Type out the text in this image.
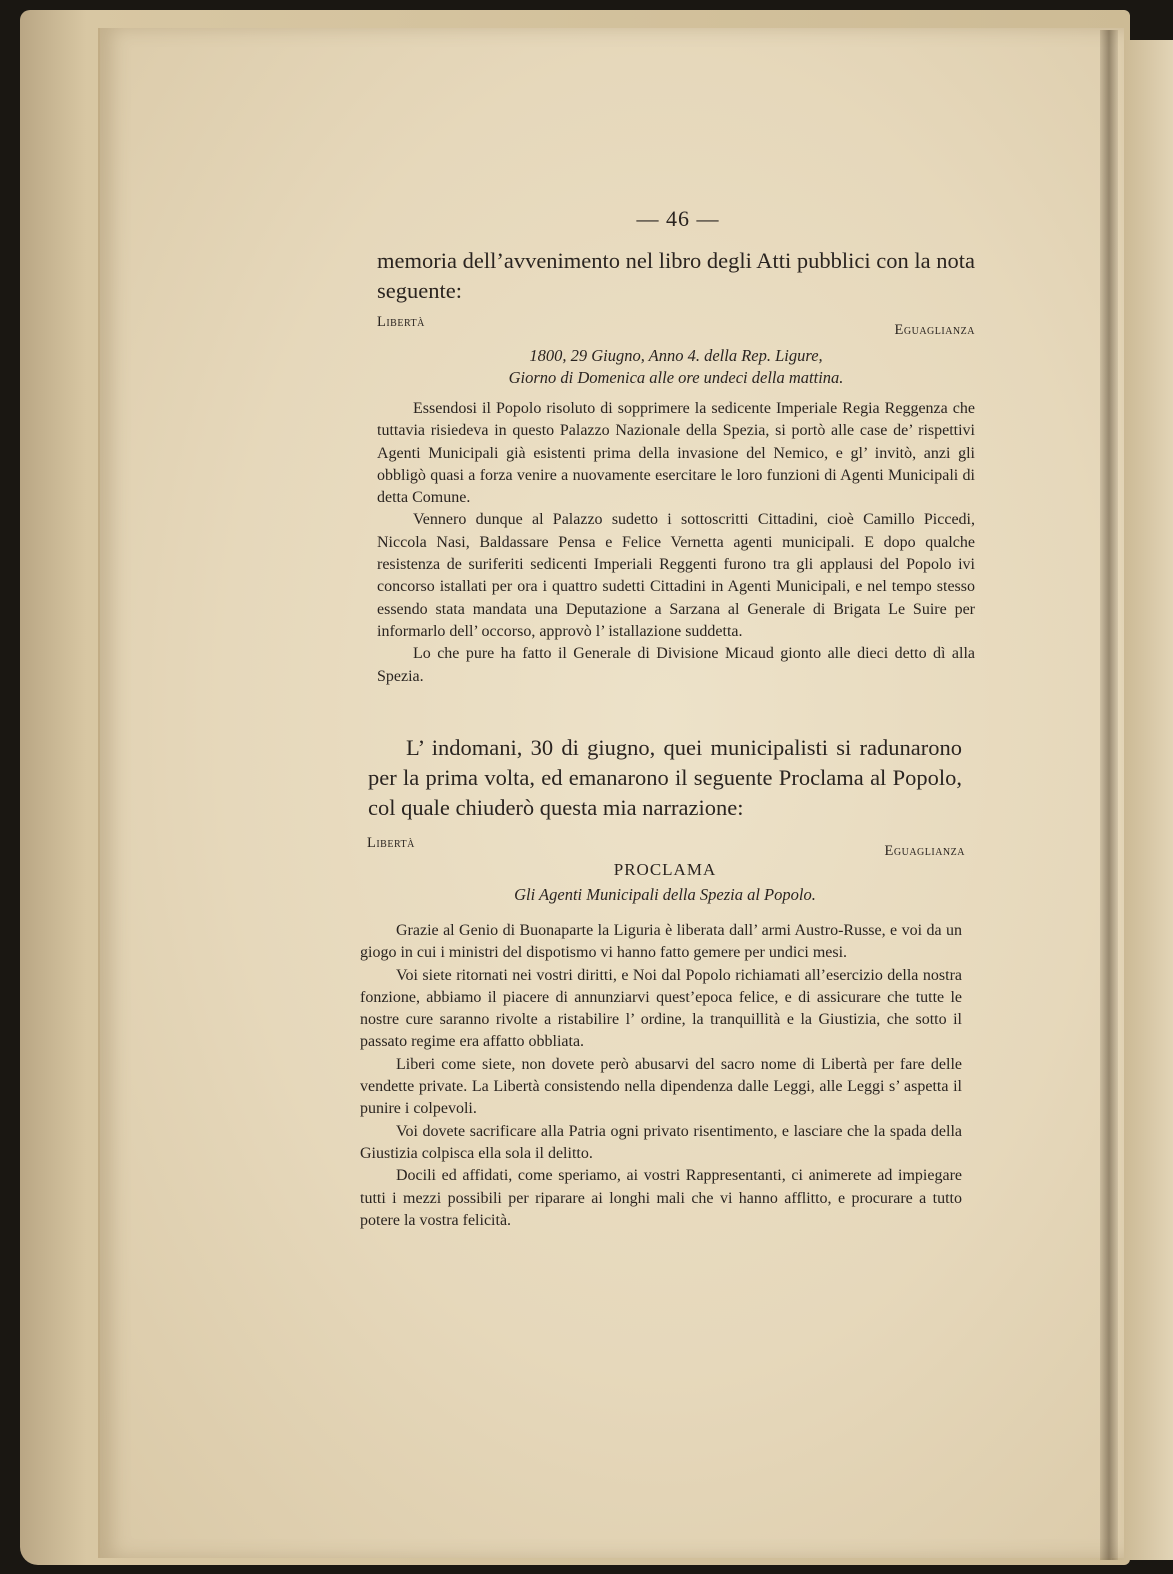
— 46 —
memoria dell’avvenimento nel libro degli Atti pubblici con la nota seguente:
Libertà	Eguaglianza
1800, 29 Giugno, Anno 4. della Rep. Ligure,
Giorno di Domenica alle ore undeci della mattina.

Essendosi il Popolo risoluto di sopprimere la sedicente Imperiale Regia Reggenza che tuttavia risiedeva in questo Palazzo Nazionale della Spezia, si portò alle case de’ rispettivi Agenti Municipali già esistenti prima della invasione del Nemico, e gl’ invitò, anzi gli obbligò quasi a forza venire a nuovamente esercitare le loro funzioni di Agenti Municipali di detta Comune.

Vennero dunque al Palazzo sudetto i sottoscritti Cittadini, cioè Camillo Piccedi, Niccola Nasi, Baldassare Pensa e Felice Vernetta agenti municipali. E dopo qualche resistenza de suriferiti sedicenti Imperiali Reggenti furono tra gli applausi del Popolo ivi concorso istallati per ora i quattro sudetti Cittadini in Agenti Municipali, e nel tempo stesso essendo stata mandata una Deputazione a Sarzana al Generale di Brigata Le Suire per informarlo dell’ occorso, approvò l’ istallazione suddetta.

Lo che pure ha fatto il Generale di Divisione Micaud gionto alle dieci detto dì alla Spezia.

L’ indomani, 30 di giugno, quei municipalisti si radunarono per la prima volta, ed emanarono il seguente Proclama al Popolo, col quale chiuderò questa mia narrazione:
Libertà	Eguaglianza
PROCLAMA
Gli Agenti Municipali della Spezia al Popolo.

Grazie al Genio di Buonaparte la Liguria è liberata dall’ armi Austro-Russe, e voi da un giogo in cui i ministri del dispotismo vi hanno fatto gemere per undici mesi.

Voi siete ritornati nei vostri diritti, e Noi dal Popolo richiamati all’esercizio della nostra fonzione, abbiamo il piacere di annunziarvi quest’epoca felice, e di assicurare che tutte le nostre cure saranno rivolte a ristabilire l’ ordine, la tranquillità e la Giustizia, che sotto il passato regime era affatto obbliata.

Liberi come siete, non dovete però abusarvi del sacro nome di Libertà per fare delle vendette private. La Libertà consistendo nella dipendenza dalle Leggi, alle Leggi s’ aspetta il punire i colpevoli.

Voi dovete sacrificare alla Patria ogni privato risentimento, e lasciare che la spada della Giustizia colpisca ella sola il delitto.

Docili ed affidati, come speriamo, ai vostri Rappresentanti, ci animerete ad impiegare tutti i mezzi possibili per riparare ai longhi mali che vi hanno afflitto, e procurare a tutto potere la vostra felicità.
